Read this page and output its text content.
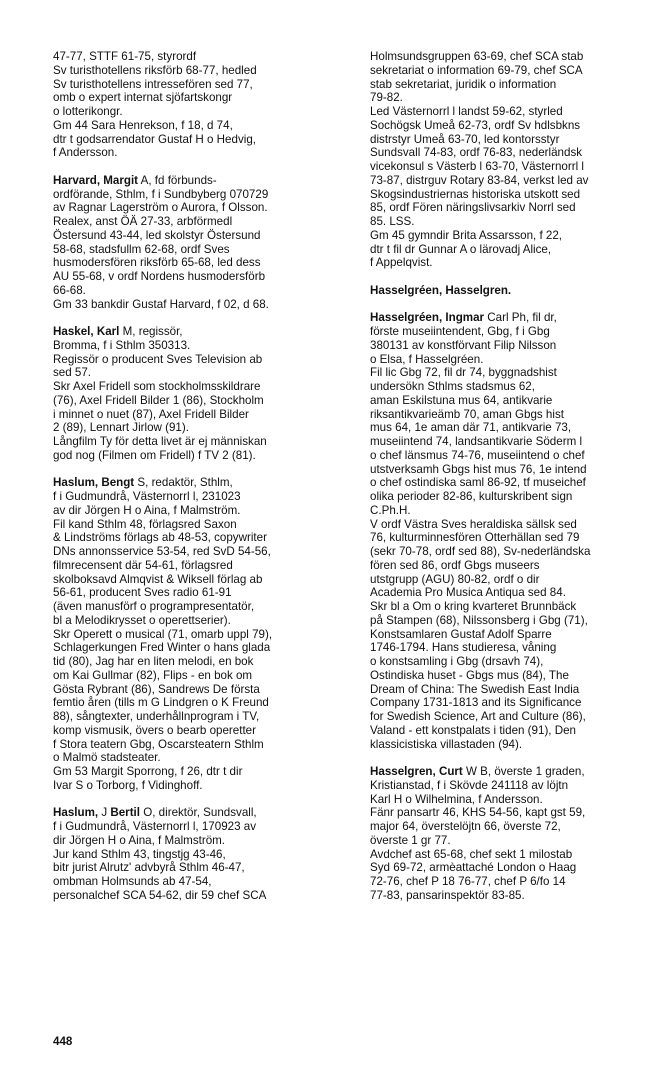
47-77, STTF 61-75, styrordf
Sv turisthotellens riksförb 68-77, hedled
Sv turisthotellens intressefören sed 77,
omb o expert internat sjöfartskongr
o lotterikongr.
Gm 44 Sara Henrekson, f 18, d 74,
dtr t godsarrendator Gustaf H o Hedvig,
f Andersson.
Harvard, Margit A, fd förbunds-
ordförande, Sthlm, f i Sundbyberg 070729
av Ragnar Lagerström o Aurora, f Olsson.
Realex, anst ÖÄ 27-33, arbförmedl
Östersund 43-44, led skolstyr Östersund
58-68, stadsfullm 62-68, ordf Sves
husmodersfören riksförb 65-68, led dess
AU 55-68, v ordf Nordens husmodersförb
66-68.
Gm 33 bankdir Gustaf Harvard, f 02, d 68.
Haskel, Karl M, regissör,
Bromma, f i Sthlm 350313.
Regissör o producent Sves Television ab
sed 57.
Skr Axel Fridell som stockholmsskildrare
(76), Axel Fridell Bilder 1 (86), Stockholm
i minnet o nuet (87), Axel Fridell Bilder
2 (89), Lennart Jirlow (91).
Långfilm Ty för detta livet är ej människan
god nog (Filmen om Fridell) f TV 2 (81).
Haslum, Bengt S, redaktör, Sthlm,
f i Gudmundrå, Västernorrl l, 231023
av dir Jörgen H o Aina, f Malmström.
Fil kand Sthlm 48, förlagsred Saxon
& Lindströms förlags ab 48-53, copywriter
DNs annonsservice 53-54, red SvD 54-56,
filmrecensent där 54-61, förlagsred
skolboksavd Almqvist & Wiksell förlag ab
56-61, producent Sves radio 61-91
(även manusförf o programpresentatör,
bl a Melodikrysset o operettserier).
Skr Operett o musical (71, omarb uppl 79),
Schlagerkungen Fred Winter o hans glada
tid (80), Jag har en liten melodi, en bok
om Kai Gullmar (82), Flips - en bok om
Gösta Rybrant (86), Sandrews De första
femtio åren (tills m G Lindgren o K Freund
88), sångtexter, underhållnprogram i TV,
komp vismusik, övers o bearb operetter
f Stora teatern Gbg, Oscarsteatern Sthlm
o Malmö stadsteater.
Gm 53 Margit Sporrong, f 26, dtr t dir
Ivar S o Torborg, f Vidinghoff.
Haslum, J Bertil O, direktör, Sundsvall,
f i Gudmundrå, Västernorrl l, 170923 av
dir Jörgen H o Aina, f Malmström.
Jur kand Sthlm 43, tingstjg 43-46,
bitr jurist Alrutz' advbyrå Sthlm 46-47,
ombman Holmsunds ab 47-54,
personalchef SCA 54-62, dir 59 chef SCA
Holmsundsgruppen 63-69, chef SCA stab
sekretariat o information 69-79, chef SCA
stab sekretariat, juridik o information
79-82.
Led Västernorrl l landst 59-62, styrled
Sochögsk Umeå 62-73, ordf Sv hdlsbkns
distrstyr Umeå 63-70, led kontorsstyr
Sundsvall 74-83, ordf 76-83, nederländsk
vicekonsul s Västerb l 63-70, Västernorrl l
73-87, distrguv Rotary 83-84, verkst led av
Skogsindustriernas historiska utskott sed
85, ordf Fören näringslivsarkiv Norrl sed
85. LSS.
Gm 45 gymndir Brita Assarsson, f 22,
dtr t fil dr Gunnar A o lärovadj Alice,
f Appelqvist.
Hasselgréen, Hasselgren.
Hasselgréen, Ingmar Carl Ph, fil dr,
förste museiintendent, Gbg, f i Gbg
380131 av konstförvant Filip Nilsson
o Elsa, f Hasselgréen.
Fil lic Gbg 72, fil dr 74, byggnadshist
undersökn Sthlms stadsmus 62,
aman Eskilstuna mus 64, antikvarie
riksantikvarieämb 70, aman Gbgs hist
mus 64, 1e aman där 71, antikvarie 73,
museiintend 74, landsantikvarie Söderm l
o chef länsmus 74-76, museiintend o chef
utstverksamh Gbgs hist mus 76, 1e intend
o chef ostindiska saml 86-92, tf museichef
olika perioder 82-86, kulturskribent sign
C.Ph.H.
V ordf Västra Sves heraldiska sällsk sed
76, kulturminnesfören Otterhällan sed 79
(sekr 70-78, ordf sed 88), Sv-nederländska
fören sed 86, ordf Gbgs museers
utstgrupp (AGU) 80-82, ordf o dir
Academia Pro Musica Antiqua sed 84.
Skr bl a Om o kring kvarteret Brunnbäck
på Stampen (68), Nilssonsberg i Gbg (71),
Konstsamlaren Gustaf Adolf Sparre
1746-1794. Hans studieresa, våning
o konstsamling i Gbg (drsavh 74),
Ostindiska huset - Gbgs mus (84), The
Dream of China: The Swedish East India
Company 1731-1813 and its Significance
for Swedish Science, Art and Culture (86),
Valand - ett konstpalats i tiden (91), Den
klassicistiska villastaden (94).
Hasselgren, Curt W B, överste 1 graden,
Kristianstad, f i Skövde 241118 av löjtn
Karl H o Wilhelmina, f Andersson.
Fänr pansartr 46, KHS 54-56, kapt gst 59,
major 64, överstelöjtn 66, överste 72,
överste 1 gr 77.
Avdchef ast 65-68, chef sekt 1 milostab
Syd 69-72, armèattaché London o Haag
72-76, chef P 18 76-77, chef P 6/fo 14
77-83, pansarinspektör 83-85.
448
